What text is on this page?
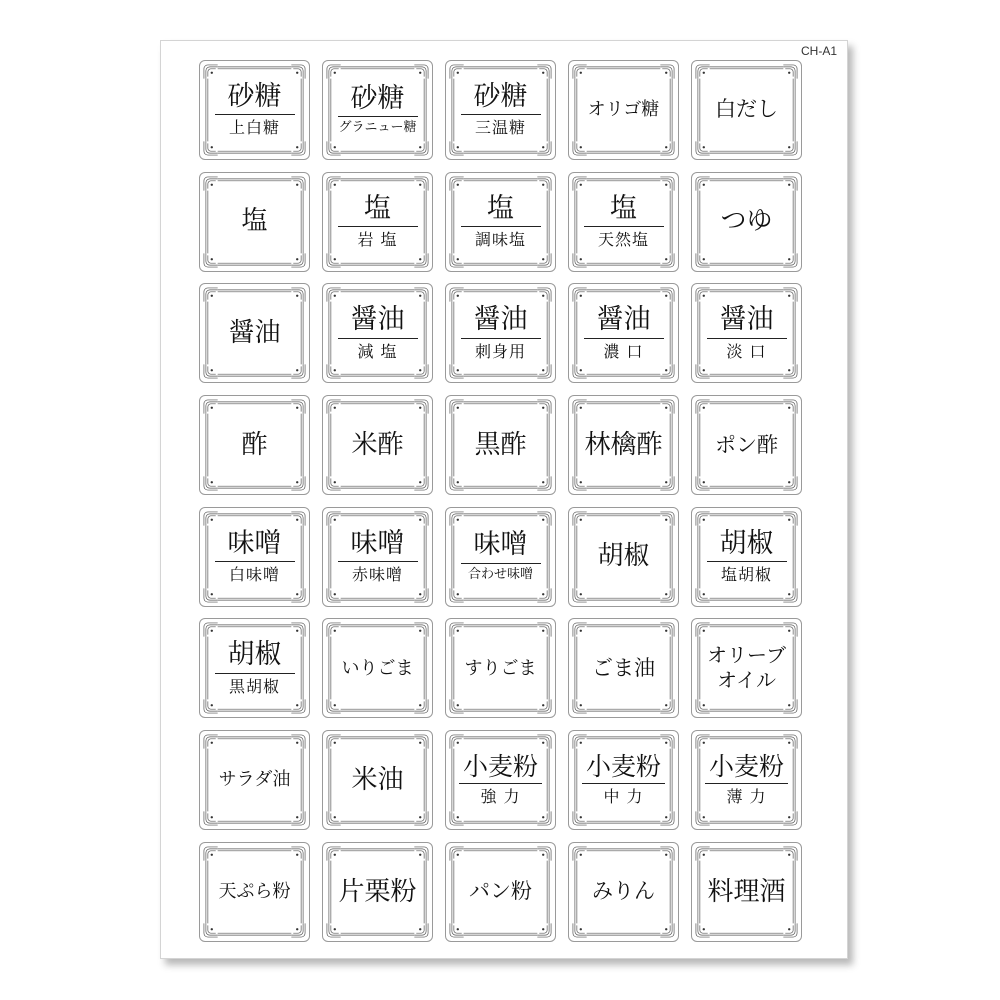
CH-A1
砂糖
上白糖
砂糖
グラニュー糖
砂糖
三温糖
オリゴ糖	白だし
塩	塩
岩 塩
塩
調味塩
塩
天然塩
つゆ
醤油	醤油
減 塩
醤油
刺身用
醤油
濃 口
醤油
淡 口
酢	米酢	黒酢 林檎酢	ポン酢
味噌
白味噌
味噌
赤味噌
味噌
合わせ味噌
胡椒	胡椒
塩胡椒
胡椒
黒胡椒
いりごま	すりごま	ごま油
オリーブ
オイル
サラダ油 米油 小麦粉
強 力
小麦粉
中 力
小麦粉
薄 力
天ぷら粉 片栗粉	パン粉	みりん 料理酒
